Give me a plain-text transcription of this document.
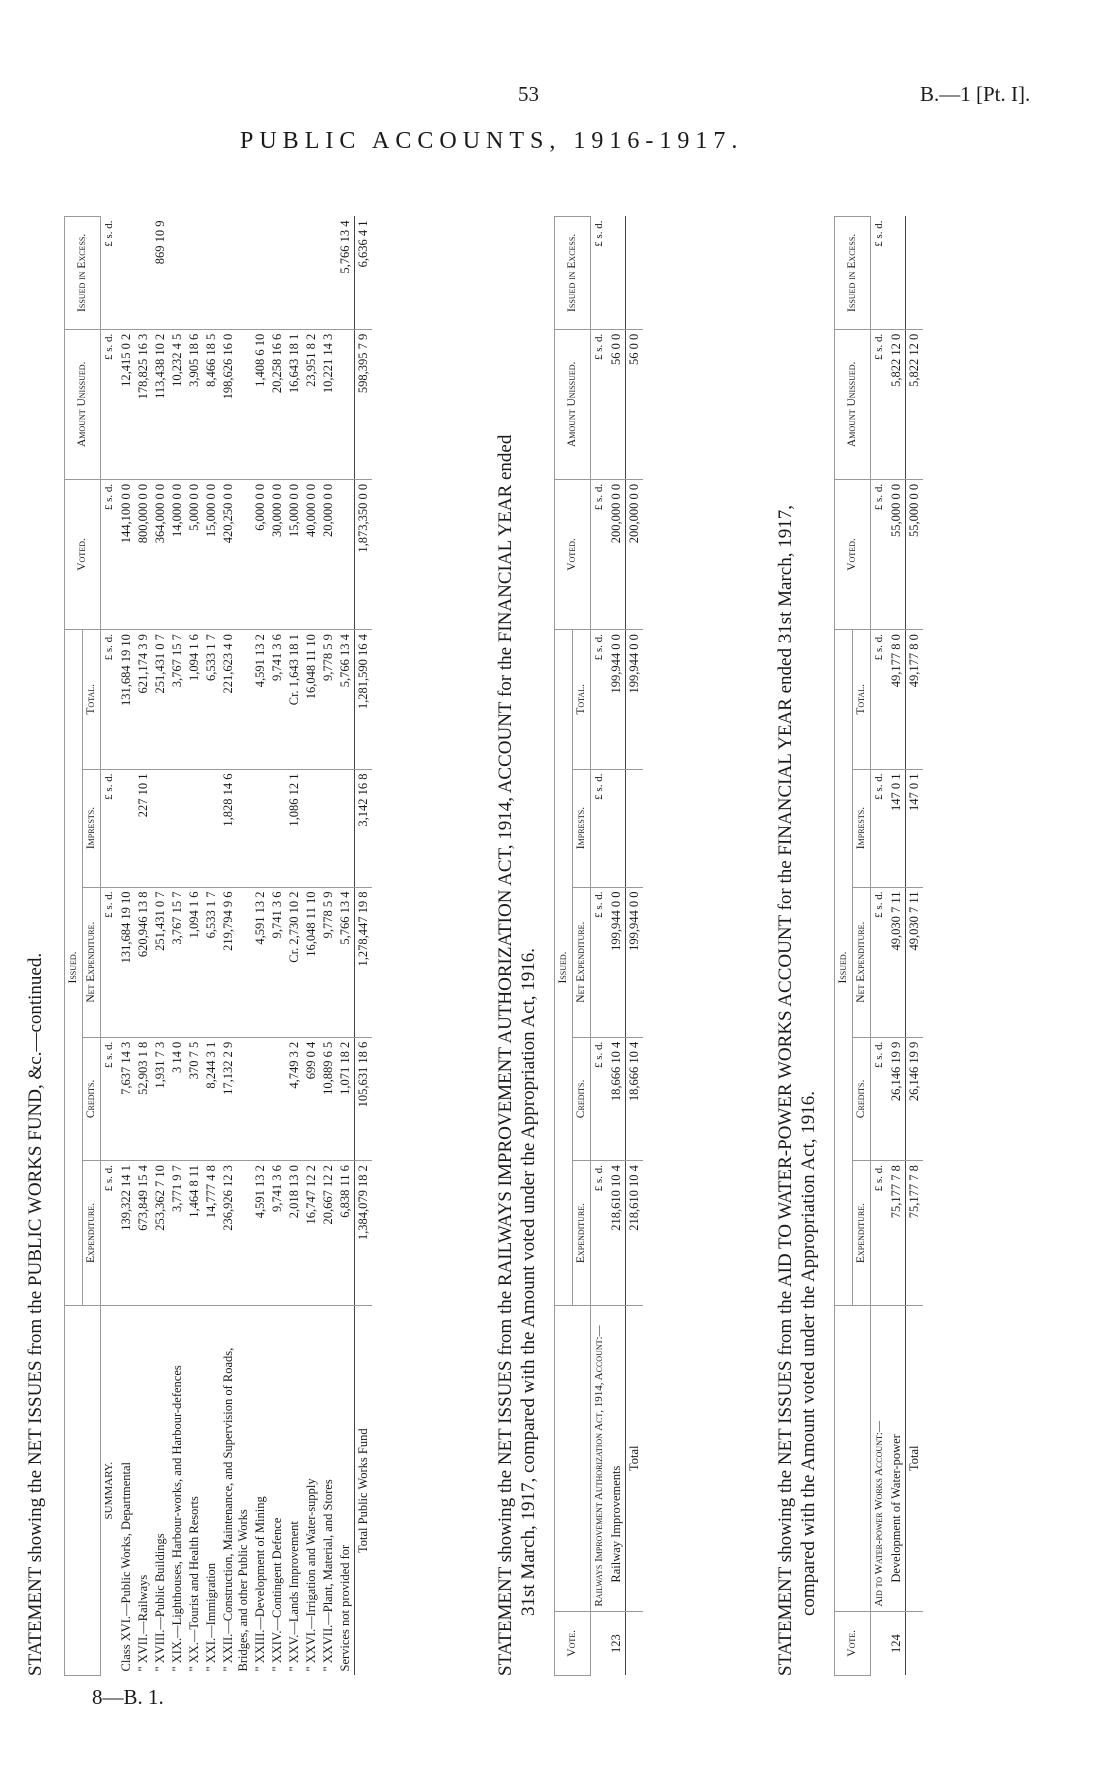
53	B.—1 [Pt. I].
PUBLIC ACCOUNTS, 1916-1917.
STATEMENT showing the NET ISSUES from the PUBLIC WORKS FUND, &c.—continued.
	Issued.					Voted.	Amount Unissued.	Issued in Excess.
	Expenditure.	Credits.	Net Expenditure.	Imprests.	Total.			
SUMMARY.	£ s. d.	£ s. d.	£ s. d.	£ s. d.	£ s. d.	£ s. d.	£ s. d.	£ s. d.
Class XVI.—Public Works, Departmental	139,322 14 1	7,637 14 3	131,684 19 10		131,684 19 10	144,100 0 0	12,415 0 2	
" XVII.—Railways	673,849 15 4	52,903 1 8	620,946 13 8	227 10 1	621,174 3 9	800,000 0 0	178,825 16 3	
" XVIII.—Public Buildings	253,362 7 10	1,931 7 3	251,431 0 7		251,431 0 7	364,000 0 0	113,438 10 2	869 10 9
" XIX.—Lighthouses, Harbour-works, and Harbour-defences	3,771 9 7	3 14 0	3,767 15 7		3,767 15 7	14,000 0 0	10,232 4 5	
" XX.—Tourist and Health Resorts	1,464 8 11	370 7 5	1,094 1 6		1,094 1 6	5,000 0 0	3,905 18 6	
" XXI.—Immigration	14,777 4 8	8,244 3 1	6,533 1 7		6,533 1 7	15,000 0 0	8,466 18 5	
" XXII.—Construction, Maintenance, and Supervision of Roads, Bridges, and other Public Works	236,926 12 3	17,132 2 9	219,794 9 6	1,828 14 6	221,623 4 0	420,250 0 0	198,626 16 0	
" XXIII.—Development of Mining	4,591 13 2		4,591 13 2		4,591 13 2	6,000 0 0	1,408 6 10	
" XXIV.—Contingent Defence	9,741 3 6		9,741 3 6		9,741 3 6	30,000 0 0	20,258 16 6	
" XXV.—Lands Improvement	2,018 13 0	4,749 3 2	Cr. 2,730 10 2	1,086 12 1	Cr. 1,643 18 1	15,000 0 0	16,643 18 1	
" XXVI.—Irrigation and Water-supply	16,747 12 2	699 0 4	16,048 11 10		16,048 11 10	40,000 0 0	23,951 8 2	
" XXVII.—Plant, Material, and Stores	20,667 12 2	10,889 6 5	9,778 5 9		9,778 5 9	20,000 0 0	10,221 14 3	
Services not provided for	6,838 11 6	1,071 18 2	5,766 13 4		5,766 13 4			5,766 13 4
Total Public Works Fund	1,384,079 18 2	105,631 18 6	1,278,447 19 8	3,142 16 8	1,281,590 16 4	1,873,350 0 0	598,395 7 9	6,636 4 1
STATEMENT showing the NET ISSUES from the RAILWAYS IMPROVEMENT AUTHORIZATION ACT, 1914, ACCOUNT for the FINANCIAL YEAR ended 31st March, 1917, compared with the Amount voted under the Appropriation Act, 1916.
Vote.		Issued.					Voted.	Amount Unissued.	Issued in Excess.
		Expenditure.	Credits.	Net Expenditure.	Imprests.	Total.			
	Railways Improvement Authorization Act, 1914, Account:—	£ s. d.	£ s. d.	£ s. d.	£ s. d.	£ s. d.	£ s. d.	£ s. d.	£ s. d.
123	Railway Improvements	218,610 10 4	18,666 10 4	199,944 0 0		199,944 0 0	200,000 0 0	56 0 0	
	Total	218,610 10 4	18,666 10 4	199,944 0 0		199,944 0 0	200,000 0 0	56 0 0	
STATEMENT showing the NET ISSUES from the AID TO WATER-POWER WORKS ACCOUNT for the FINANCIAL YEAR ended 31st March, 1917, compared with the Amount voted under the Appropriation Act, 1916.
Vote.		Issued.					Voted.	Amount Unissued.	Issued in Excess.
		Expenditure.	Credits.	Net Expenditure.	Imprests.	Total.			
	Aid to Water-power Works Account:—	£ s. d.	£ s. d.	£ s. d.	£ s. d.	£ s. d.	£ s. d.	£ s. d.	£ s. d.
124	Development of Water-power	75,177 7 8	26,146 19 9	49,030 7 11	147 0 1	49,177 8 0	55,000 0 0	5,822 12 0	
	Total	75,177 7 8	26,146 19 9	49,030 7 11	147 0 1	49,177 8 0	55,000 0 0	5,822 12 0	
8—B. 1.
